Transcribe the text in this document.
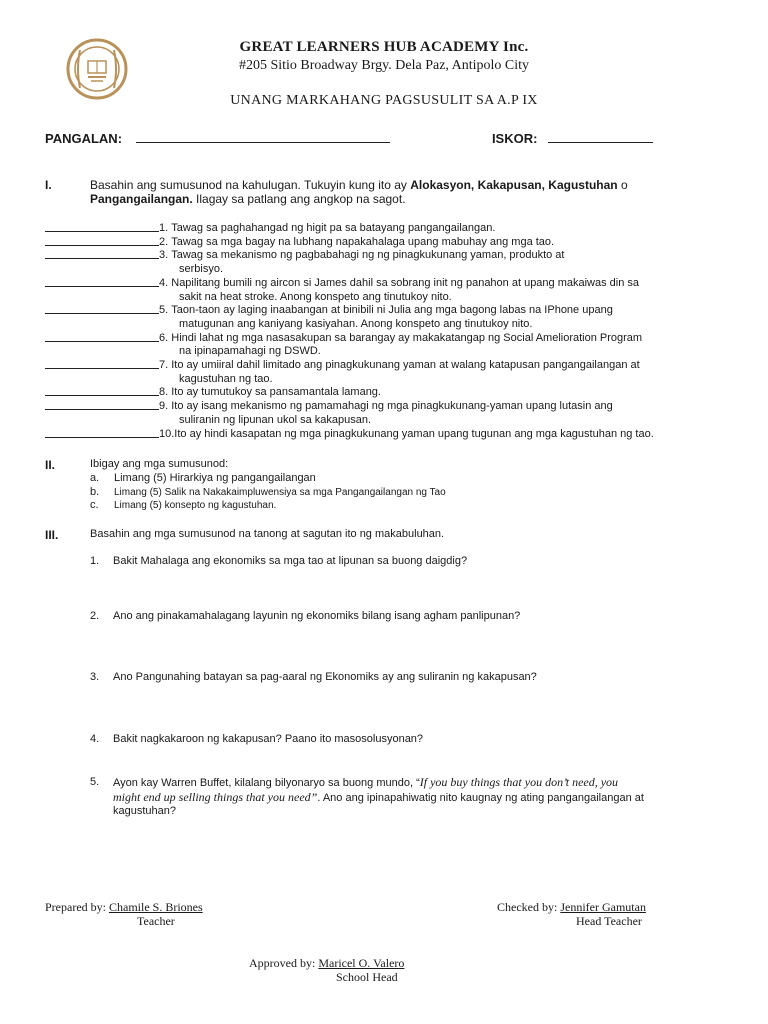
GREAT LEARNERS HUB ACADEMY Inc.
#205 Sitio Broadway Brgy. Dela Paz, Antipolo City
UNANG MARKAHANG PAGSUSULIT SA A.P IX
PANGALAN:	ISKOR:
I.	Basahin ang sumusunod na kahulugan. Tukuyin kung ito ay Alokasyon, Kakapusan, Kagustuhan o
Pangangailangan. Ilagay sa patlang ang angkop na sagot.
1.
Tawag sa paghahangad ng higit pa sa batayang pangangailangan.
2.
Tawag sa mga bagay na lubhang napakahalaga upang mabuhay ang mga tao.
3.
Tawag sa mekanismo ng pagbabahagi ng ng pinagkukunang yaman, produkto at
serbisyo.
4.
Napilitang bumili ng aircon si James dahil sa sobrang init ng panahon at upang makaiwas din sa
sakit na heat stroke. Anong konspeto ang tinutukoy nito.
5.
Taon-taon ay laging inaabangan at binibili ni Julia ang mga bagong labas na IPhone upang
matugunan ang kaniyang kasiyahan. Anong konspeto ang tinutukoy nito.
6.
Hindi lahat ng mga nasasakupan sa barangay ay makakatangap ng Social Amelioration Program
na ipinapamahagi ng DSWD.
7.
Ito ay umiiral dahil limitado ang pinagkukunang yaman at walang katapusan pangangailangan at
kagustuhan ng tao.
8.
Ito ay tumutukoy sa pansamantala lamang.
9.
Ito ay isang mekanismo ng pamamahagi ng mga pinagkukunang-yaman upang lutasin ang
suliranin ng lipunan ukol sa kakapusan.
10. Ito ay hindi kasapatan ng mga pinagkukunang yaman upang tugunan ang mga kagustuhan ng tao.
II.	Ibigay ang mga sumusunod:
a. Limang (5) Hirarkiya ng pangangailangan
b. Limang (5) Salik na Nakakaimpluwensiya sa mga Pangangailangan ng Tao
c. Limang (5) konsepto ng kagustuhan.
III.	Basahin ang mga sumusunod na tanong at sagutan ito ng makabuluhan.
1. Bakit Mahalaga ang ekonomiks sa mga tao at lipunan sa buong daigdig?
2. Ano ang pinakamahalagang layunin ng ekonomiks bilang isang agham panlipunan?
3. Ano Pangunahing batayan sa pag-aaral ng Ekonomiks ay ang suliranin ng kakapusan?
4. Bakit nagkakaroon ng kakapusan? Paano ito masosolusyonan?
5.	Ayon kay Warren Buffet, kilalang bilyonaryo sa buong mundo, “If you buy things that you don’t need, you
might end up selling things that you need”. Ano ang ipinapahiwatig nito kaugnay ng ating pangangailangan at
kagustuhan?
Prepared by: Chamile S. Briones
Teacher
Checked by: Jennifer Gamutan
Head Teacher
Approved by: Maricel O. Valero
School Head
